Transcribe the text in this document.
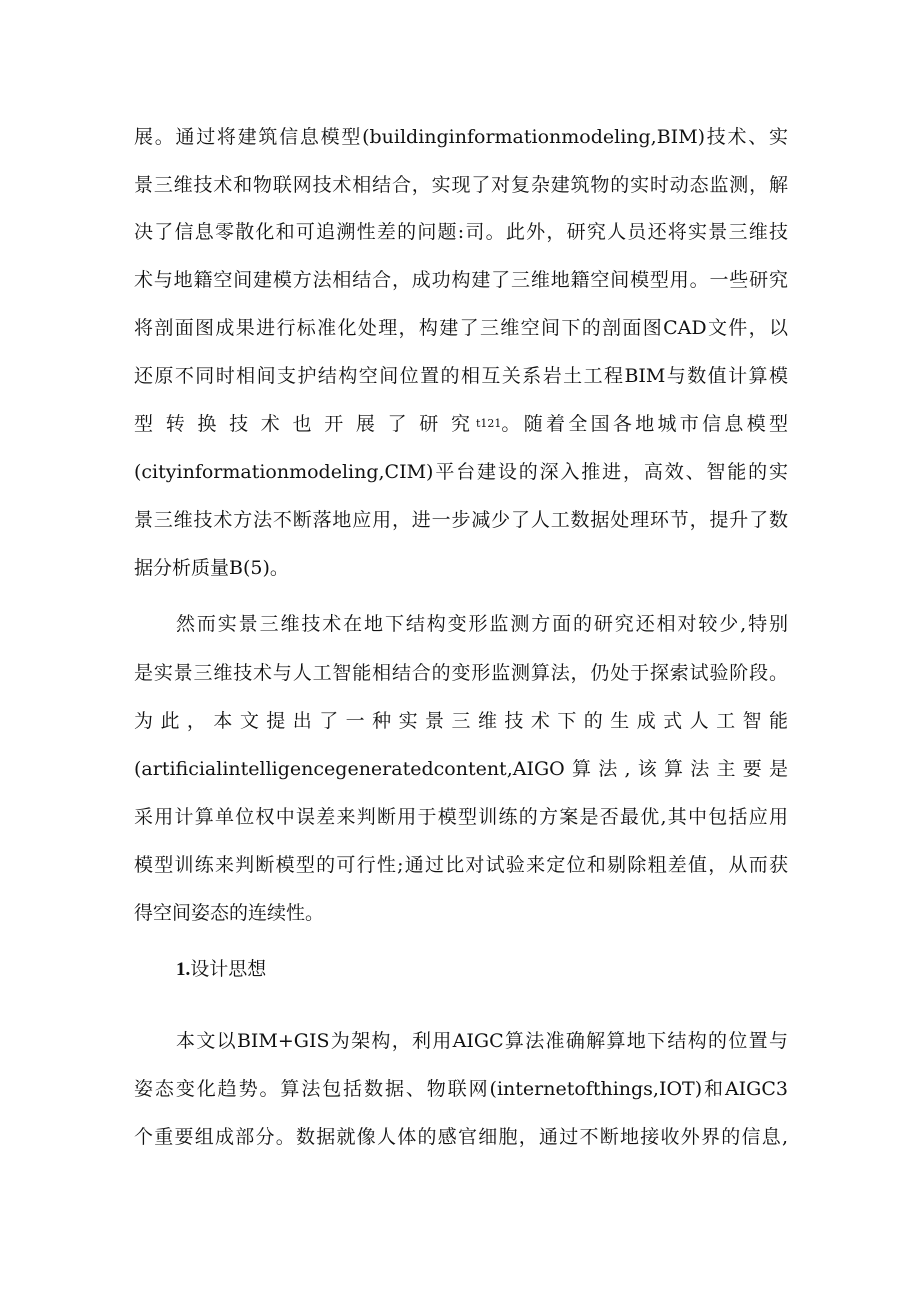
展。通过将建筑信息模型(buildinginformationmodeling,BIM)技术、实
景三维技术和物联网技术相结合，实现了对复杂建筑物的实时动态监测，解
决了信息零散化和可追溯性差的问题:司。此外，研究人员还将实景三维技
术与地籍空间建模方法相结合，成功构建了三维地籍空间模型用。一些研究
将剖面图成果进行标准化处理，构建了三维空间下的剖面图CAD文件，以
还原不同时相间支护结构空间位置的相互关系岩土工程BIM与数值计算模
型转换技术也开展了研究 t121 。随着全国各地城市信息模型
(cityinformationmodeling,CIM)平台建设的深入推进，高效、智能的实
景三维技术方法不断落地应用，进一步减少了人工数据处理环节，提升了数
据分析质量B(5)。
然而实景三维技术在地下结构变形监测方面的研究还相对较少,特别
是实景三维技术与人工智能相结合的变形监测算法，仍处于探索试验阶段。
为此，本文提出了一种实景三维技术下的生成式人工智能
(artificialintelligencegeneratedcontent,AIGO算法,该算法主要是
采用计算单位权中误差来判断用于模型训练的方案是否最优,其中包括应用
模型训练来判断模型的可行性;通过比对试验来定位和剔除粗差值，从而获
得空间姿态的连续性。
1.设计思想
本文以BIM+GIS为架构，利用AIGC算法准确解算地下结构的位置与
姿态变化趋势。算法包括数据、物联网(internetofthings,IOT)和AIGC3
个重要组成部分。数据就像人体的感官细胞，通过不断地接收外界的信息,
